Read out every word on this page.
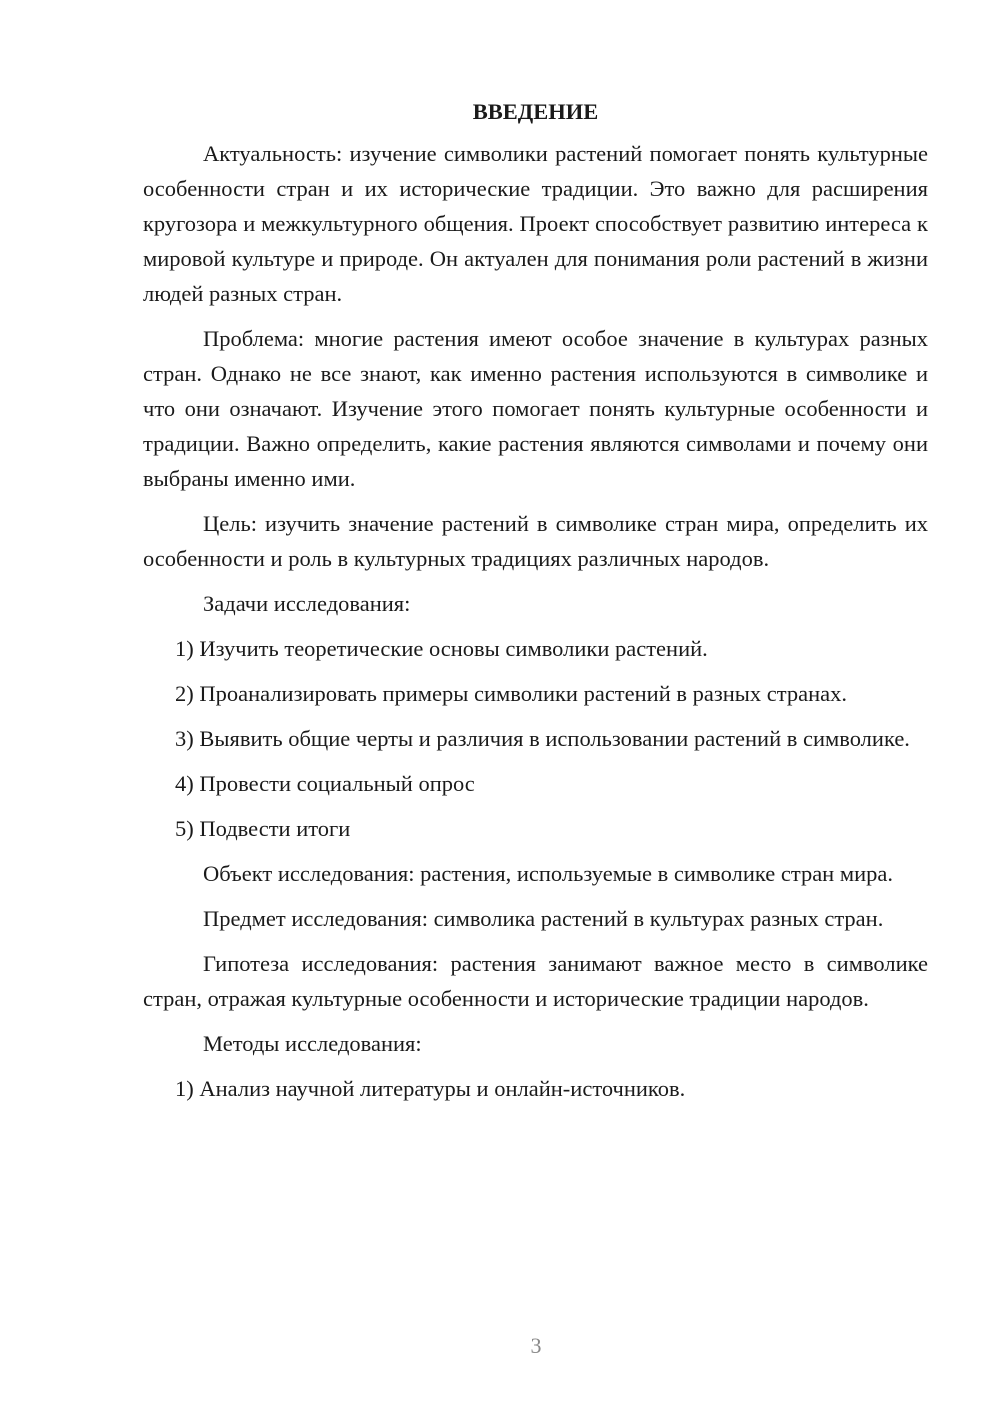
ВВЕДЕНИЕ

Актуальность: изучение символики растений помогает понять культурные особенности стран и их исторические традиции. Это важно для расширения кругозора и межкультурного общения. Проект способствует развитию интереса к мировой культуре и природе. Он актуален для понимания роли растений в жизни людей разных стран.

Проблема: многие растения имеют особое значение в культурах разных стран. Однако не все знают, как именно растения используются в символике и что они означают. Изучение этого помогает понять культурные особенности и традиции. Важно определить, какие растения являются символами и почему они выбраны именно ими.

Цель: изучить значение растений в символике стран мира, определить их особенности и роль в культурных традициях различных народов.

Задачи исследования:

1) Изучить теоретические основы символики растений.

2) Проанализировать примеры символики растений в разных странах.

3) Выявить общие черты и различия в использовании растений в символике.

4) Провести социальный опрос

5) Подвести итоги

Объект исследования: растения, используемые в символике стран мира.

Предмет исследования: символика растений в культурах разных стран.

Гипотеза исследования: растения занимают важное место в символике стран, отражая культурные особенности и исторические традиции народов.

Методы исследования:

1) Анализ научной литературы и онлайн-источников.

3
